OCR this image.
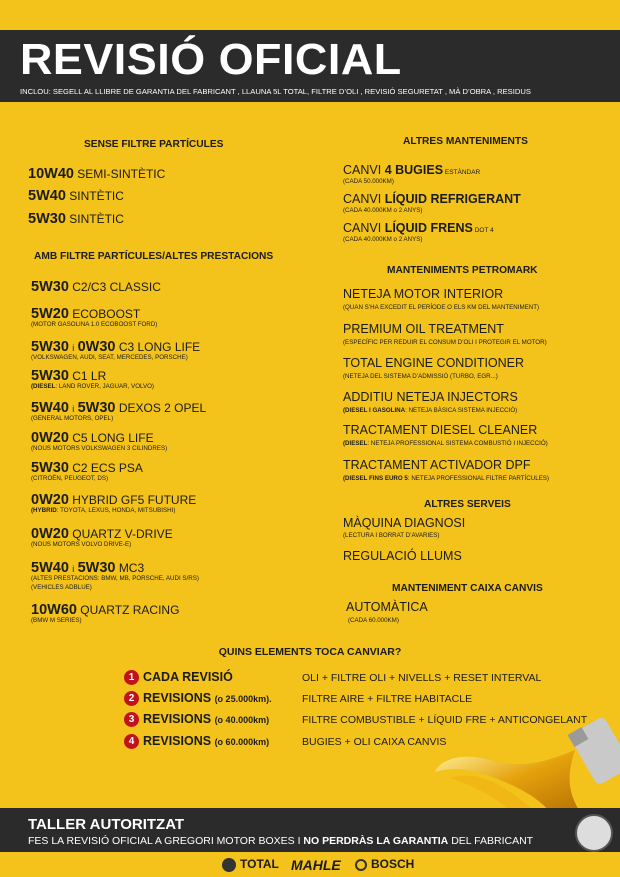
REVISIÓ OFICIAL
INCLOU: SEGELL AL LLIBRE DE GARANTIA DEL FABRICANT , LLAUNA 5L TOTAL, FILTRE D’OLI , REVISIÓ SEGURETAT , MÀ D’OBRA , RESIDUS
SENSE FILTRE PARTÍCULES
10W40 SEMI-SINTÈTIC
5W40 SINTÈTIC
5W30 SINTÈTIC
AMB FILTRE PARTÍCULES/ALTES PRESTACIONS
5W30 C2/C3 CLASSIC
5W20 ECOBOOST
(MOTOR GASOLINA 1.0 ECOBOOST FORD)
5W30 i 0W30 C3 LONG LIFE
(VOLKSWAGEN, AUDI, SEAT, MERCEDES, PORSCHE)
5W30 C1 LR
(DIESEL: LAND ROVER, JAGUAR, VOLVO)
5W40 i 5W30 DEXOS 2 OPEL
(GENERAL MOTORS, OPEL)
0W20 C5 LONG LIFE
(NOUS MOTORS VOLKSWAGEN 3 CILINDRES)
5W30 C2 ECS PSA
(CITROËN, PEUGEOT, DS)
0W20 HYBRID GF5 FUTURE
(HYBRID: TOYOTA, LEXUS, HONDA, MITSUBISHI)
0W20 QUARTZ V-DRIVE
(NOUS MOTORS VOLVO DRIVE-E)
5W40 i 5W30 MC3
(ALTES PRESTACIONS: BMW, MB, PORSCHE, AUDI S/RS)
(VEHICLES ADBLUE)
10W60 QUARTZ RACING
(BMW M SERIES)
ALTRES MANTENIMENTS
CANVI 4 BUGIES ESTÀNDAR
(CADA 50.000KM)
CANVI LÍQUID REFRIGERANT
(CADA 40.000KM o 2 ANYS)
CANVI LÍQUID FRENS DOT 4
(CADA 40.000KM o 2 ANYS)
MANTENIMENTS PETROMARK
NETEJA MOTOR INTERIOR
(QUAN S’HA EXCEDIT EL PERÍODE O ELS KM DEL MANTENIMENT)
PREMIUM OIL TREATMENT
(ESPECÍFIC PER REDUIR EL CONSUM D’OLI I PROTEGIR EL MOTOR)
TOTAL ENGINE CONDITIONER
(NETEJA DEL SISTEMA D’ADMISSIÓ (TURBO, EGR...)
ADDITIU NETEJA INJECTORS
(DIESEL I GASOLINA: NETEJA BÀSICA SISTEMA INJECCIÓ)
TRACTAMENT DIESEL CLEANER
(DIESEL: NETEJA PROFESSIONAL SISTEMA COMBUSTIÓ I INJECCIÓ)
TRACTAMENT ACTIVADOR DPF
(DIESEL FINS EURO 5: NETEJA PROFESSIONAL FILTRE PARTÍCULES)
ALTRES SERVEIS
MÀQUINA DIAGNOSI
(LECTURA I BORRAT D’AVARIES)
REGULACIÓ LLUMS
MANTENIMENT CAIXA CANVIS
AUTOMÀTICA
(CADA 60.000KM)
QUINS ELEMENTS TOCA CANVIAR?
1 CADA REVISIÓ	OLI + FILTRE OLI + NIVELLS + RESET INTERVAL
2 REVISIONS (o 25.000km).	FILTRE AIRE + FILTRE HABITACLE
3 REVISIONS (o 40.000km)	FILTRE COMBUSTIBLE + LÍQUID FRE + ANTICONGELANT
4 REVISIONS (o 60.000km)	BUGIES + OLI CAIXA CANVIS
TALLER AUTORITZAT
FES LA REVISIÓ OFICIAL A GREGORI MOTOR BOXES I NO PERDRÀS LA GARANTIA DEL FABRICANT
TOTAL MAHLE	BOSCH
